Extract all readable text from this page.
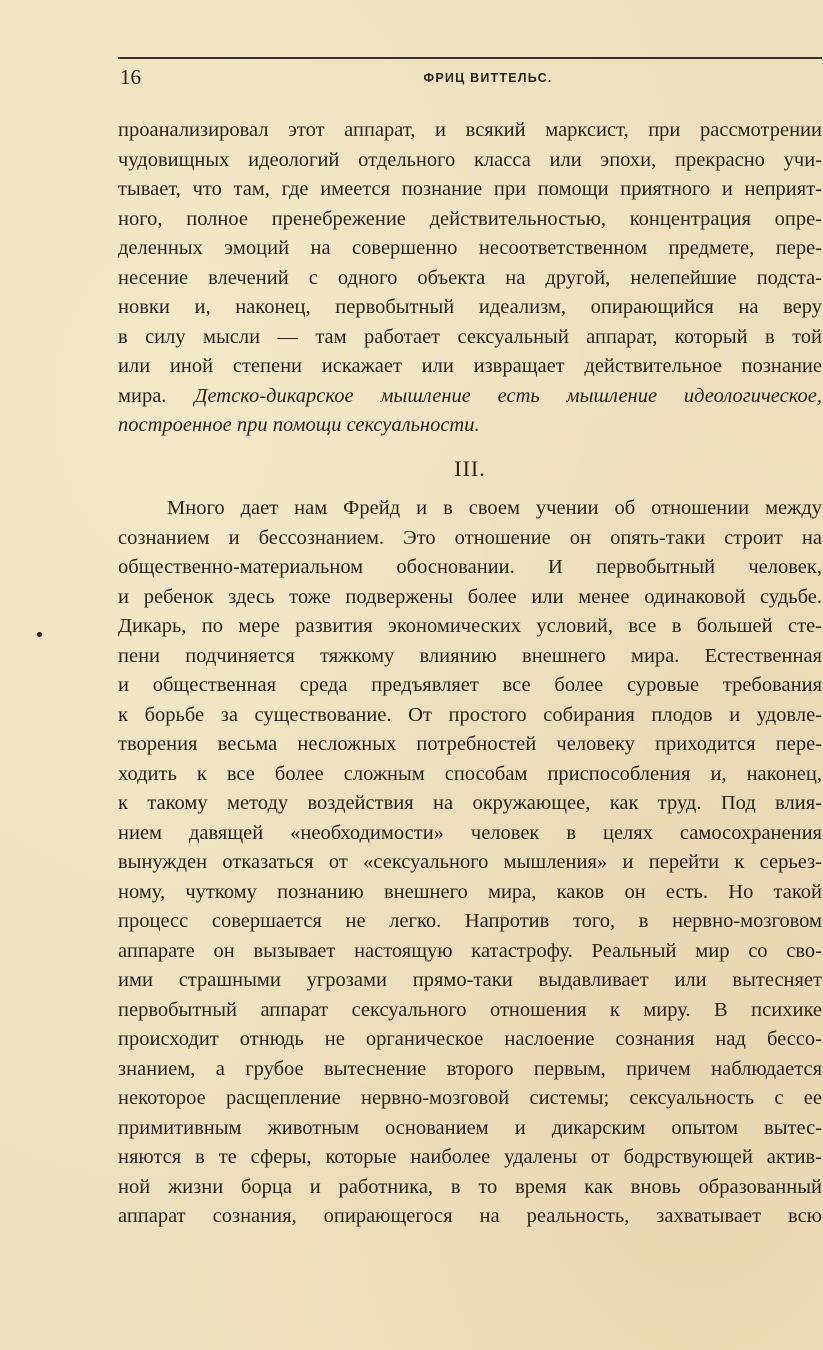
16	ФРИЦ ВИТТЕЛЬС.
проанализировал этот аппарат, и всякий марксист, при рассмотрении
чудовищных идеологий отдельного класса или эпохи, прекрасно учи-
тывает, что там, где имеется познание при помощи приятного и неприят-
ного, полное пренебрежение действительностью, концентрация опре-
деленных эмоций на совершенно несоответственном предмете, пере-
несение влечений с одного объекта на другой, нелепейшие подста-
новки и, наконец, первобытный идеализм, опирающийся на веру
в силу мысли — там работает сексуальный аппарат, который в той
или иной степени искажает или извращает действительное познание
мира. Детско-дикарское мышление есть мышление идеологическое,
построенное при помощи сексуальности.
III.
Много дает нам Фрейд и в своем учении об отношении между
сознанием и бессознанием. Это отношение он опять-таки строит на
общественно-материальном обосновании. И первобытный человек,
и ребенок здесь тоже подвержены более или менее одинаковой судьбе.
Дикарь, по мере развития экономических условий, все в большей сте-
пени подчиняется тяжкому влиянию внешнего мира. Естественная
и общественная среда предъявляет все более суровые требования
к борьбе за существование. От простого собирания плодов и удовле-
творения весьма несложных потребностей человеку приходится пере-
ходить к все более сложным способам приспособления и, наконец,
к такому методу воздействия на окружающее, как труд. Под влия-
нием давящей «необходимости» человек в целях самосохранения
вынужден отказаться от «сексуального мышления» и перейти к серьез-
ному, чуткому познанию внешнего мира, каков он есть. Но такой
процесс совершается не легко. Напротив того, в нервно-мозговом
аппарате он вызывает настоящую катастрофу. Реальный мир со сво-
ими страшными угрозами прямо-таки выдавливает или вытесняет
первобытный аппарат сексуального отношения к миру. В психике
происходит отнюдь не органическое наслоение сознания над бессо-
знанием, а грубое вытеснение второго первым, причем наблюдается
некоторое расщепление нервно-мозговой системы; сексуальность с ее
примитивным животным основанием и дикарским опытом вытес-
няются в те сферы, которые наиболее удалены от бодрствующей актив-
ной жизни борца и работника, в то время как вновь образованный
аппарат сознания, опирающегося на реальность, захватывает всю
